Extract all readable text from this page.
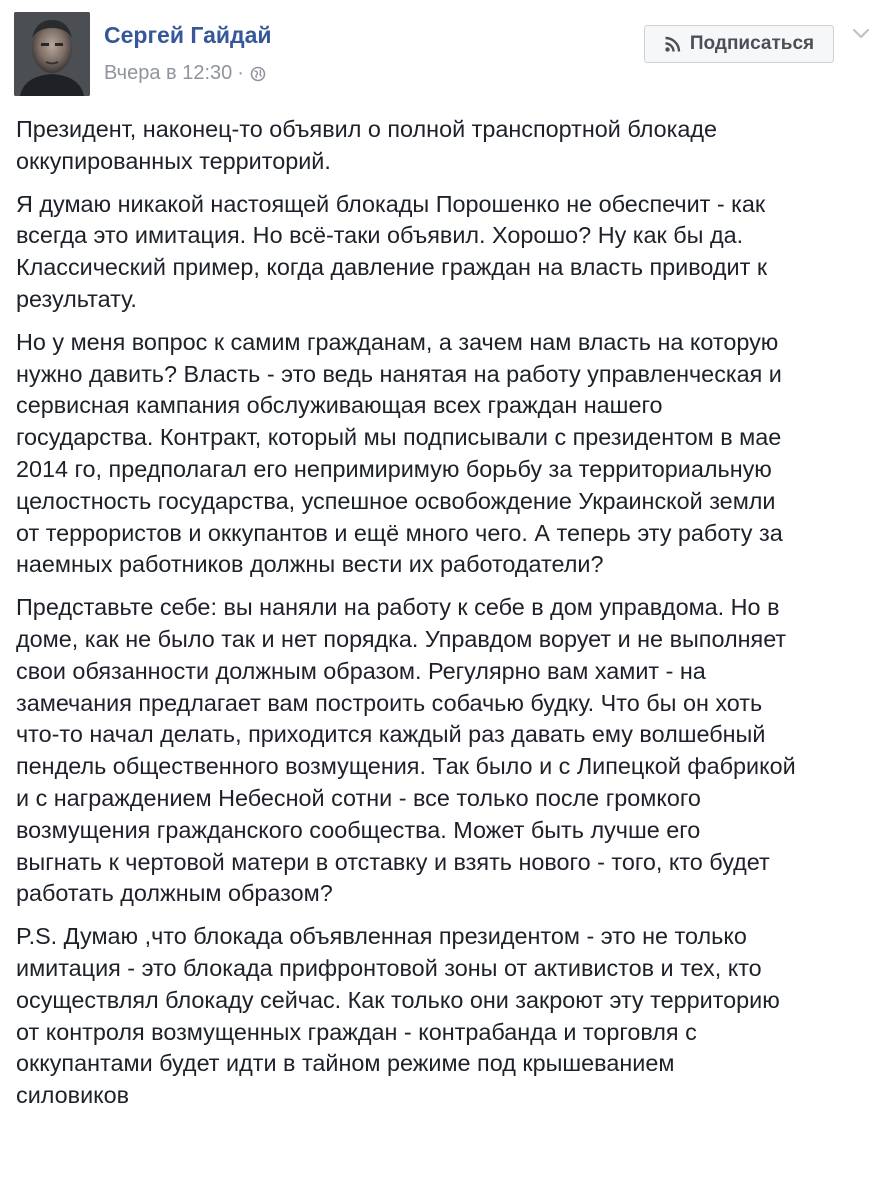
Сергей Гайдай
Вчера в 12:30 ·
Подписаться

Президент, наконец-то объявил о полной транспортной блокаде
оккупированных территорий.

Я думаю никакой настоящей блокады Порошенко не обеспечит - как
всегда это имитация. Но всё-таки объявил. Хорошо? Ну как бы да.
Классический пример, когда давление граждан на власть приводит к
результату.

Но у меня вопрос к самим гражданам, а зачем нам власть на которую
нужно давить? Власть - это ведь нанятая на работу управленческая и
сервисная кампания обслуживающая всех граждан нашего
государства. Контракт, который мы подписывали с президентом в мае
2014 го, предполагал его непримиримую борьбу за территориальную
целостность государства, успешное освобождение Украинской земли
от террористов и оккупантов и ещё много чего. А теперь эту работу за
наемных работников должны вести их работодатели?

Представьте себе: вы наняли на работу к себе в дом управдома. Но в
доме, как не было так и нет порядка. Управдом ворует и не выполняет
свои обязанности должным образом. Регулярно вам хамит - на
замечания предлагает вам построить собачью будку. Что бы он хоть
что-то начал делать, приходится каждый раз давать ему волшебный
пендель общественного возмущения. Так было и с Липецкой фабрикой
и с награждением Небесной сотни - все только после громкого
возмущения гражданского сообщества. Может быть лучше его
выгнать к чертовой матери в отставку и взять нового - того, кто будет
работать должным образом?

P.S. Думаю ,что блокада объявленная президентом - это не только
имитация - это блокада прифронтовой зоны от активистов и тех, кто
осуществлял блокаду сейчас. Как только они закроют эту территорию
от контроля возмущенных граждан - контрабанда и торговля с
оккупантами будет идти в тайном режиме под крышеванием
силовиков
